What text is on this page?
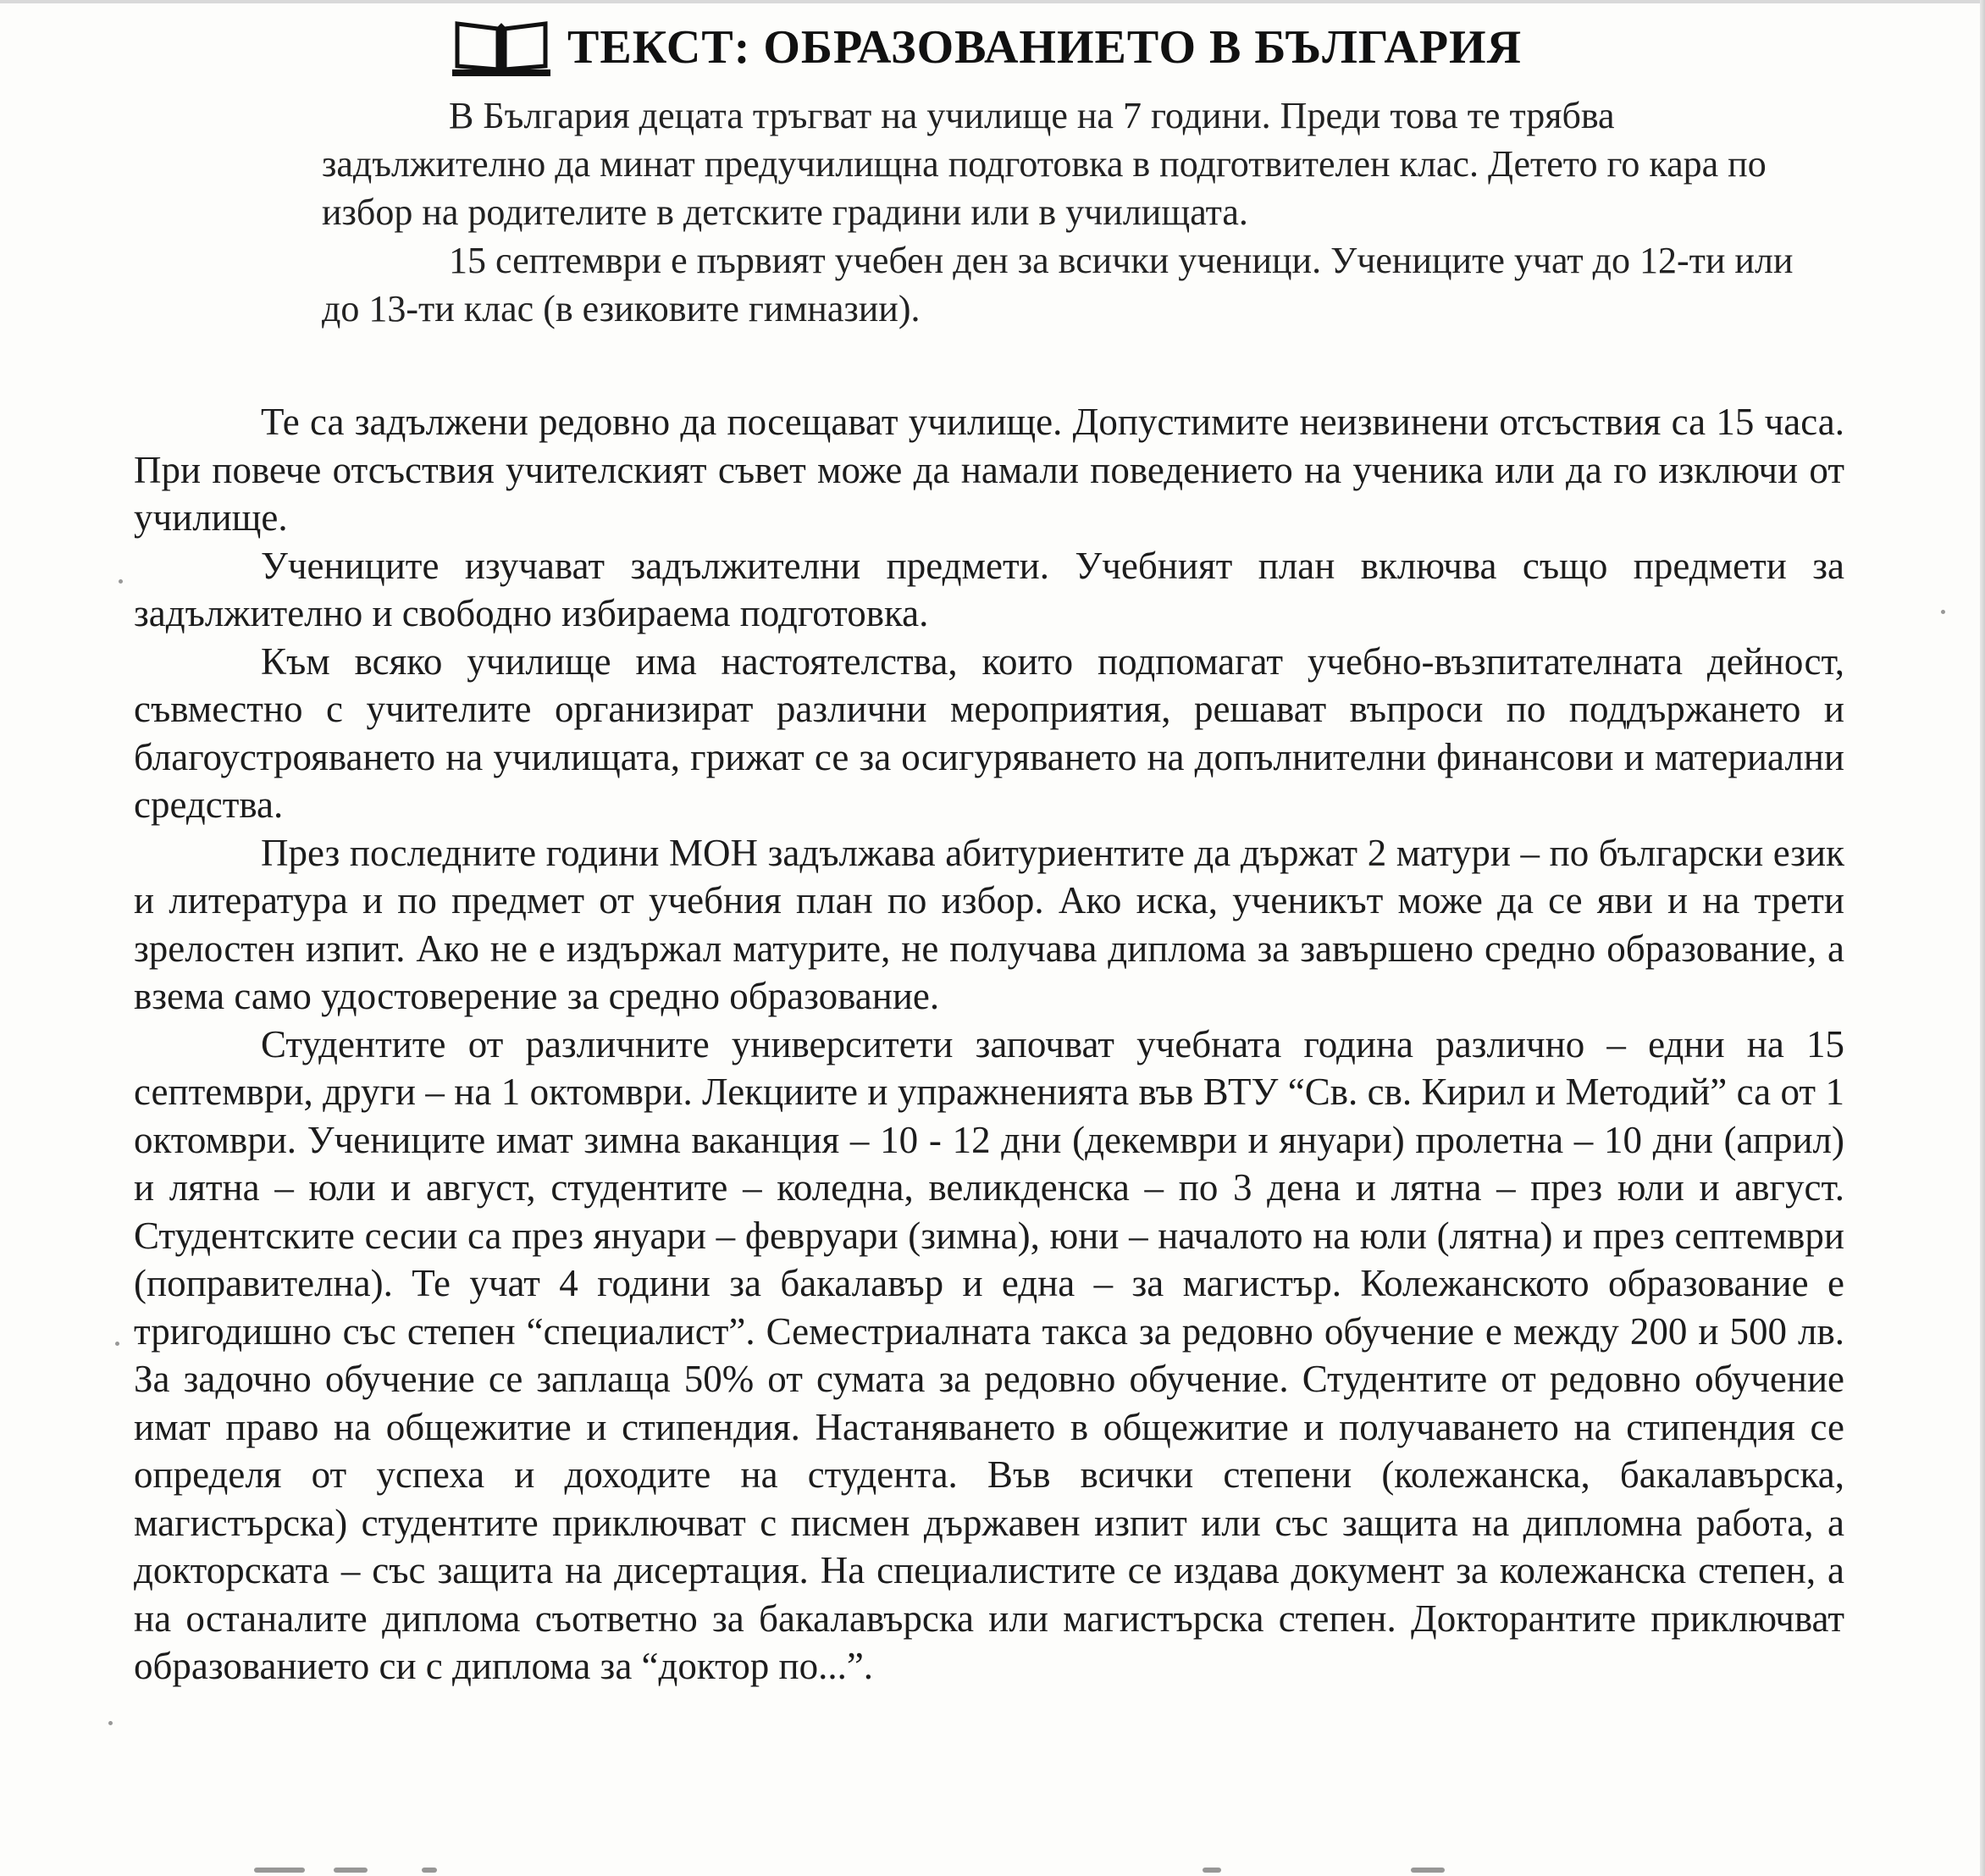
ТЕКСТ: ОБРАЗОВАНИЕТО В БЪЛГАРИЯ

В България децата тръгват на училище на 7 години. Преди това те трябва
задължително да минат предучилищна подготовка в подготвителен клас. Детето го кара по
избор на родителите в детските градини или в училищата.
15 септември е първият учебен ден за всички ученици. Учениците учат до 12-ти или
до 13-ти клас (в езиковите гимназии).

Те са задължени редовно да посещават училище. Допустимите неизвинени отсъствия са 15 часа. При повече отсъствия учителският съвет може да намали поведението на ученика или да го изключи от училище.

Учениците изучават задължителни предмети. Учебният план включва също предмети за задължително и свободно избираема подготовка.

Към всяко училище има настоятелства, които подпомагат учебно-възпитателната дейност, съвместно с учителите организират различни мероприятия, решават въпроси по поддържането и благоустрояването на училищата, грижат се за осигуряването на допълнителни финансови и материални средства.

През последните години МОН задължава абитуриентите да държат 2 матури – по български език и литература и по предмет от учебния план по избор. Ако иска, ученикът може да се яви и на трети зрелостен изпит. Ако не е издържал матурите, не получава диплома за завършено средно образование, а взема само удостоверение за средно образование.

Студентите от различните университети започват учебната година различно – едни на 15 септември, други – на 1 октомври. Лекциите и упражненията във ВТУ “Св. св. Кирил и Методий” са от 1 октомври. Учениците имат зимна ваканция – 10 - 12 дни (декември и януари) пролетна – 10 дни (април) и лятна – юли и август, студентите – коледна, великденска – по 3 дена и лятна – през юли и август. Студентските сесии са през януари – февруари (зимна), юни – началото на юли (лятна) и през септември (поправителна). Те учат 4 години за бакалавър и една – за магистър. Колежанското образование е тригодишно със степен “специалист”. Семестриалната такса за редовно обучение е между 200 и 500 лв. За задочно обучение се заплаща 50% от сумата за редовно обучение. Студентите от редовно обучение имат право на общежитие и стипендия. Настаняването в общежитие и получаването на стипендия се определя от успеха и доходите на студента. Във всички степени (колежанска, бакалавърска, магистърска) студентите приключват с писмен държавен изпит или със защита на дипломна работа, а докторската – със защита на дисертация. На специалистите се издава документ за колежанска степен, а на останалите диплома съответно за бакалавърска или магистърска степен. Докторантите приключват образованието си с диплома за “доктор по...”.
